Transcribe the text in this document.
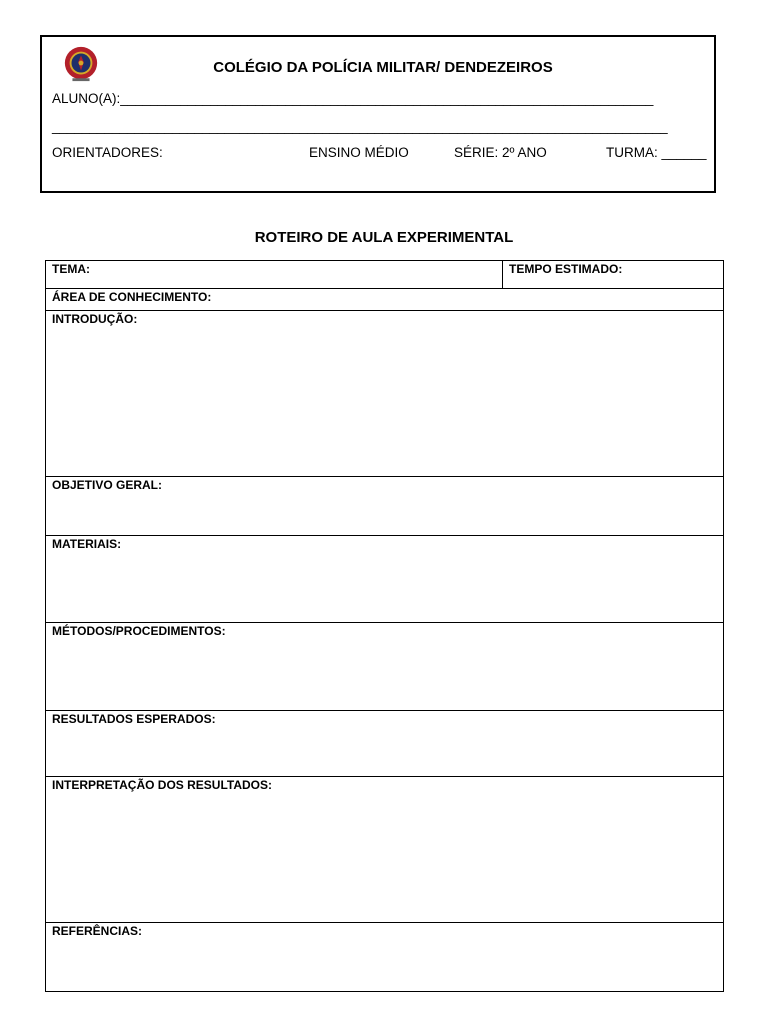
COLÉGIO DA POLÍCIA MILITAR/ DENDEZEIROS
ALUNO(A):_______________________________________________________________________
__________________________________________________________________________________
ORIENTADORES:	ENSINO MÉDIO	SÉRIE: 2º ANO	TURMA: ______
ROTEIRO DE AULA EXPERIMENTAL
TEMA:	TEMPO ESTIMADO:
ÁREA DE CONHECIMENTO:
INTRODUÇÃO:
OBJETIVO GERAL:
MATERIAIS:
MÉTODOS/PROCEDIMENTOS:
RESULTADOS ESPERADOS:
INTERPRETAÇÃO DOS RESULTADOS:
REFERÊNCIAS:
